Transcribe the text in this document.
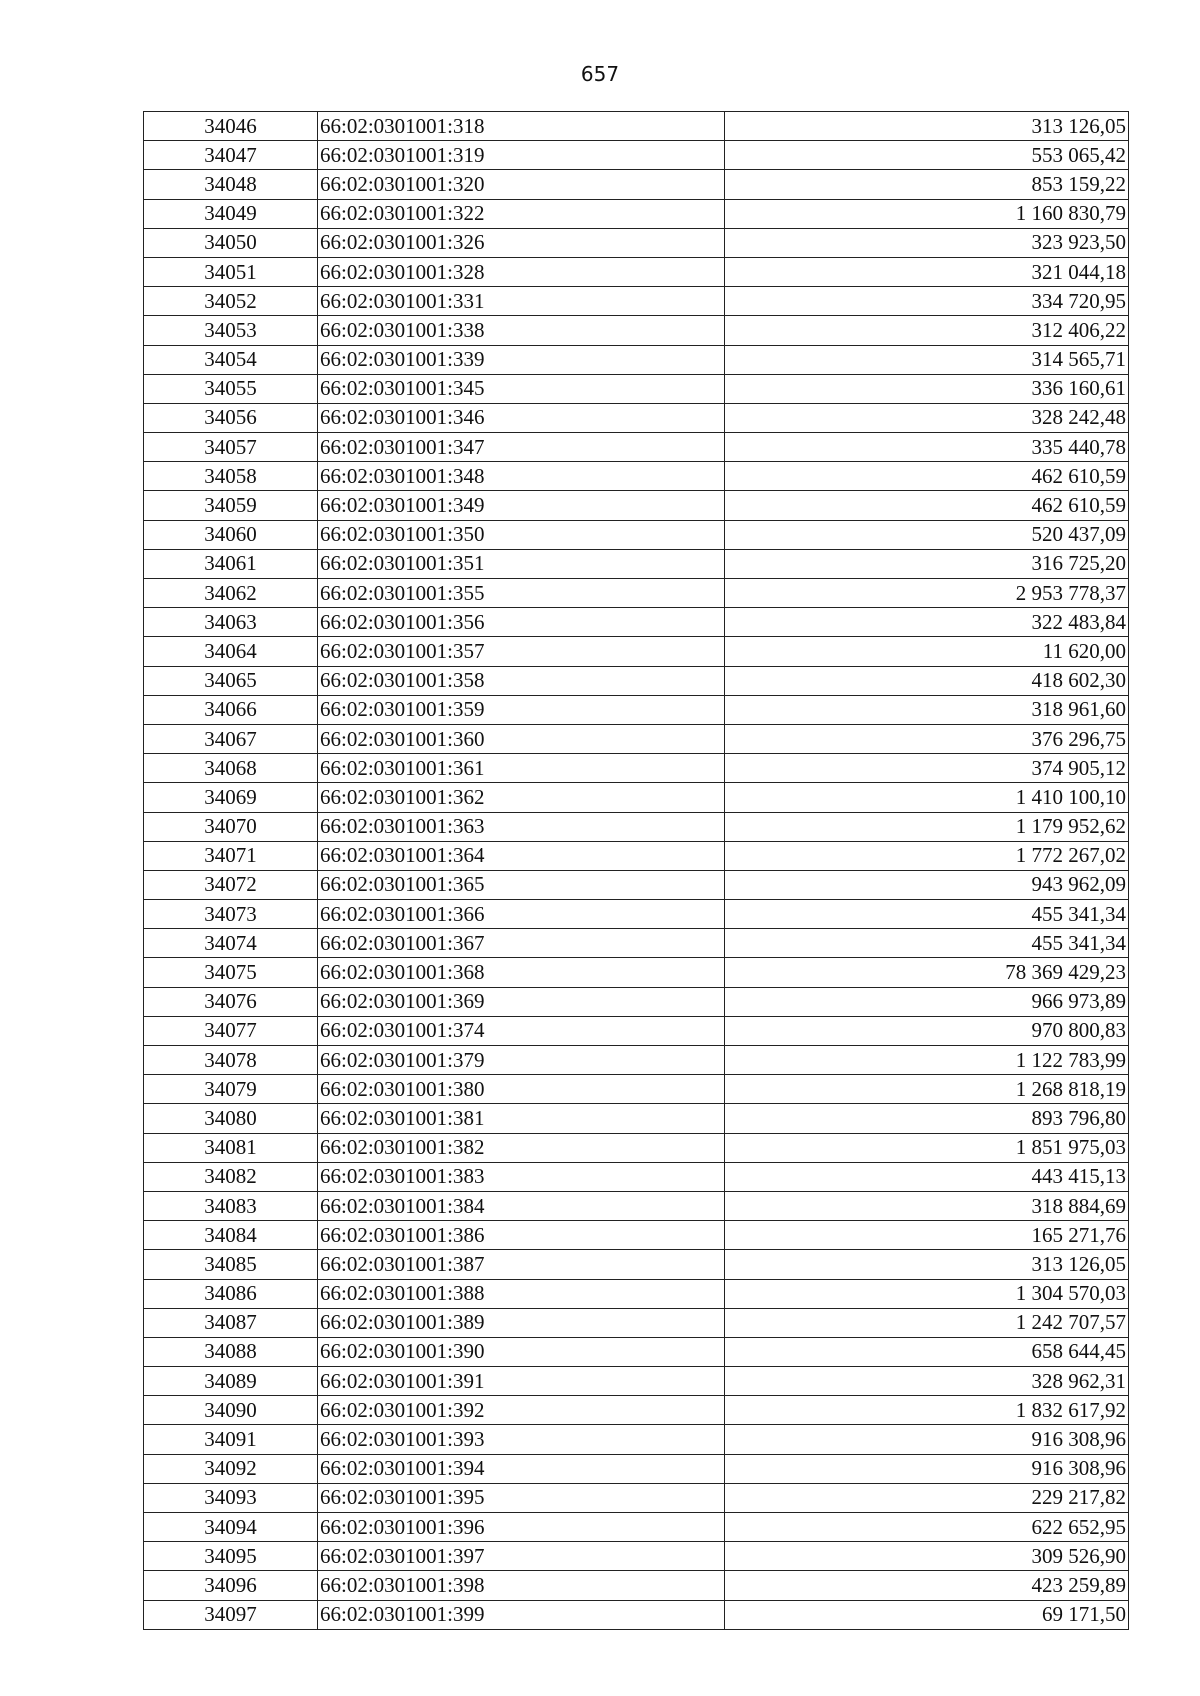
657
34046	66:02:0301001:318	313 126,05
34047	66:02:0301001:319	553 065,42
34048	66:02:0301001:320	853 159,22
34049	66:02:0301001:322	1 160 830,79
34050	66:02:0301001:326	323 923,50
34051	66:02:0301001:328	321 044,18
34052	66:02:0301001:331	334 720,95
34053	66:02:0301001:338	312 406,22
34054	66:02:0301001:339	314 565,71
34055	66:02:0301001:345	336 160,61
34056	66:02:0301001:346	328 242,48
34057	66:02:0301001:347	335 440,78
34058	66:02:0301001:348	462 610,59
34059	66:02:0301001:349	462 610,59
34060	66:02:0301001:350	520 437,09
34061	66:02:0301001:351	316 725,20
34062	66:02:0301001:355	2 953 778,37
34063	66:02:0301001:356	322 483,84
34064	66:02:0301001:357	11 620,00
34065	66:02:0301001:358	418 602,30
34066	66:02:0301001:359	318 961,60
34067	66:02:0301001:360	376 296,75
34068	66:02:0301001:361	374 905,12
34069	66:02:0301001:362	1 410 100,10
34070	66:02:0301001:363	1 179 952,62
34071	66:02:0301001:364	1 772 267,02
34072	66:02:0301001:365	943 962,09
34073	66:02:0301001:366	455 341,34
34074	66:02:0301001:367	455 341,34
34075	66:02:0301001:368	78 369 429,23
34076	66:02:0301001:369	966 973,89
34077	66:02:0301001:374	970 800,83
34078	66:02:0301001:379	1 122 783,99
34079	66:02:0301001:380	1 268 818,19
34080	66:02:0301001:381	893 796,80
34081	66:02:0301001:382	1 851 975,03
34082	66:02:0301001:383	443 415,13
34083	66:02:0301001:384	318 884,69
34084	66:02:0301001:386	165 271,76
34085	66:02:0301001:387	313 126,05
34086	66:02:0301001:388	1 304 570,03
34087	66:02:0301001:389	1 242 707,57
34088	66:02:0301001:390	658 644,45
34089	66:02:0301001:391	328 962,31
34090	66:02:0301001:392	1 832 617,92
34091	66:02:0301001:393	916 308,96
34092	66:02:0301001:394	916 308,96
34093	66:02:0301001:395	229 217,82
34094	66:02:0301001:396	622 652,95
34095	66:02:0301001:397	309 526,90
34096	66:02:0301001:398	423 259,89
34097	66:02:0301001:399	69 171,50
